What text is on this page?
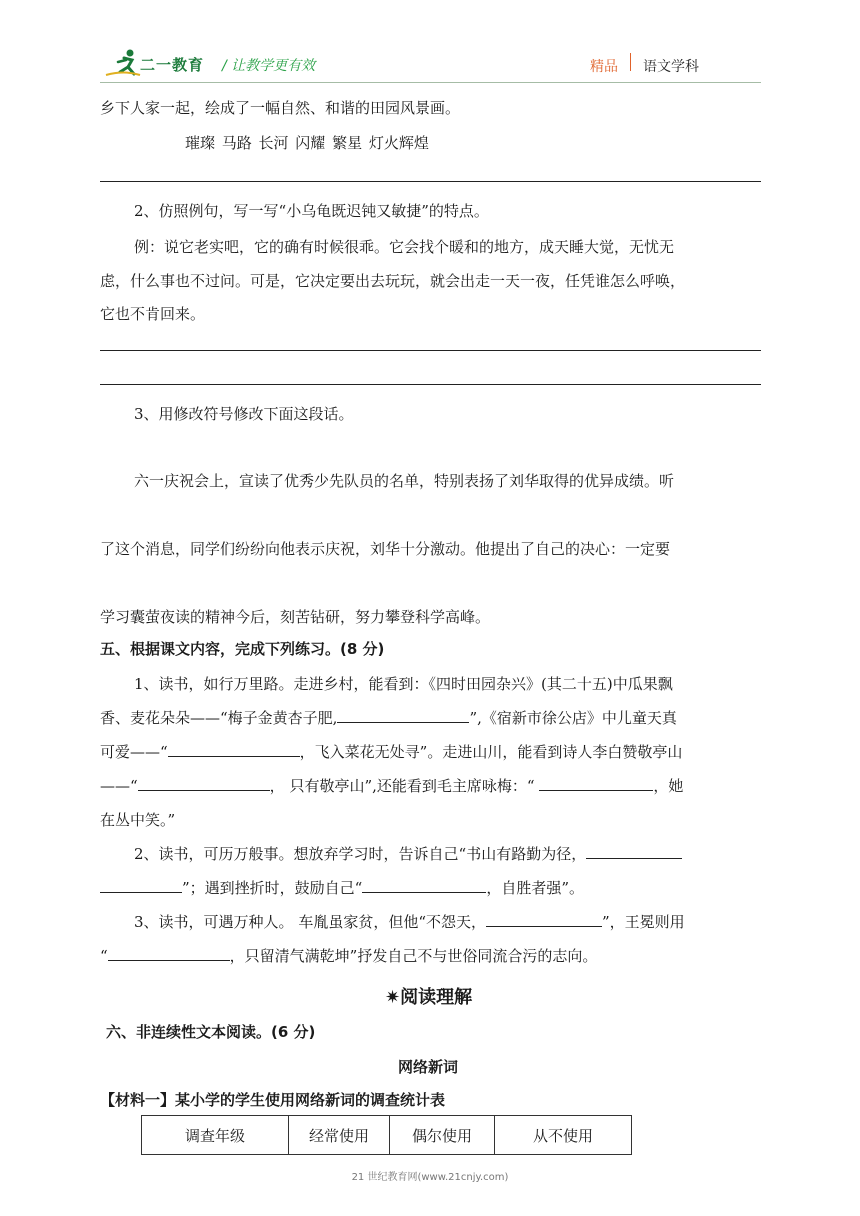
二一教育 / 让教学更有效	精品 语文学科
乡下人家一起，绘成了一幅自然、和谐的田园风景画。
璀璨 马路 长河 闪耀 繁星 灯火辉煌
2、仿照例句，写一写“小乌龟既迟钝又敏捷”的特点。
例：说它老实吧，它的确有时候很乖。它会找个暖和的地方，成天睡大觉，无忧无
虑，什么事也不过问。可是，它决定要出去玩玩，就会出走一天一夜，任凭谁怎么呼唤，
它也不肯回来。
3、用修改符号修改下面这段话。
六一庆祝会上，宣读了优秀少先队员的名单，特别表扬了刘华取得的优异成绩。听
了这个消息，同学们纷纷向他表示庆祝，刘华十分激动。他提出了自己的决心：一定要
学习囊萤夜读的精神今后，刻苦钻研，努力攀登科学高峰。
五、根据课文内容，完成下列练习。(8 分)
1、读书，如行万里路。走进乡村，能看到：《四时田园杂兴》(其二十五)中瓜果飘
香、麦花朵朵——“梅子金黄杏子肥,	”,《宿新市徐公店》中儿童天真
可爱——“	，飞入菜花无处寻”。走进山川，能看到诗人李白赞敬亭山
——“	， 只有敬亭山”,还能看到毛主席咏梅：“	，她
在丛中笑。”
2、读书，可历万般事。想放弃学习时，告诉自己“书山有路勤为径，
”；遇到挫折时，鼓励自己“	，自胜者强”。
3、读书，可遇万种人。 车胤虽家贫，但他“不怨天，	”，王冕则用
“	，只留清气满乾坤”抒发自己不与世俗同流合污的志向。
✷阅读理解
六、非连续性文本阅读。(6 分)
网络新词
【材料一】某小学的学生使用网络新词的调查统计表
调查年级	经常使用	偶尔使用	从不使用
21 世纪教育网(www.21cnjy.com)
